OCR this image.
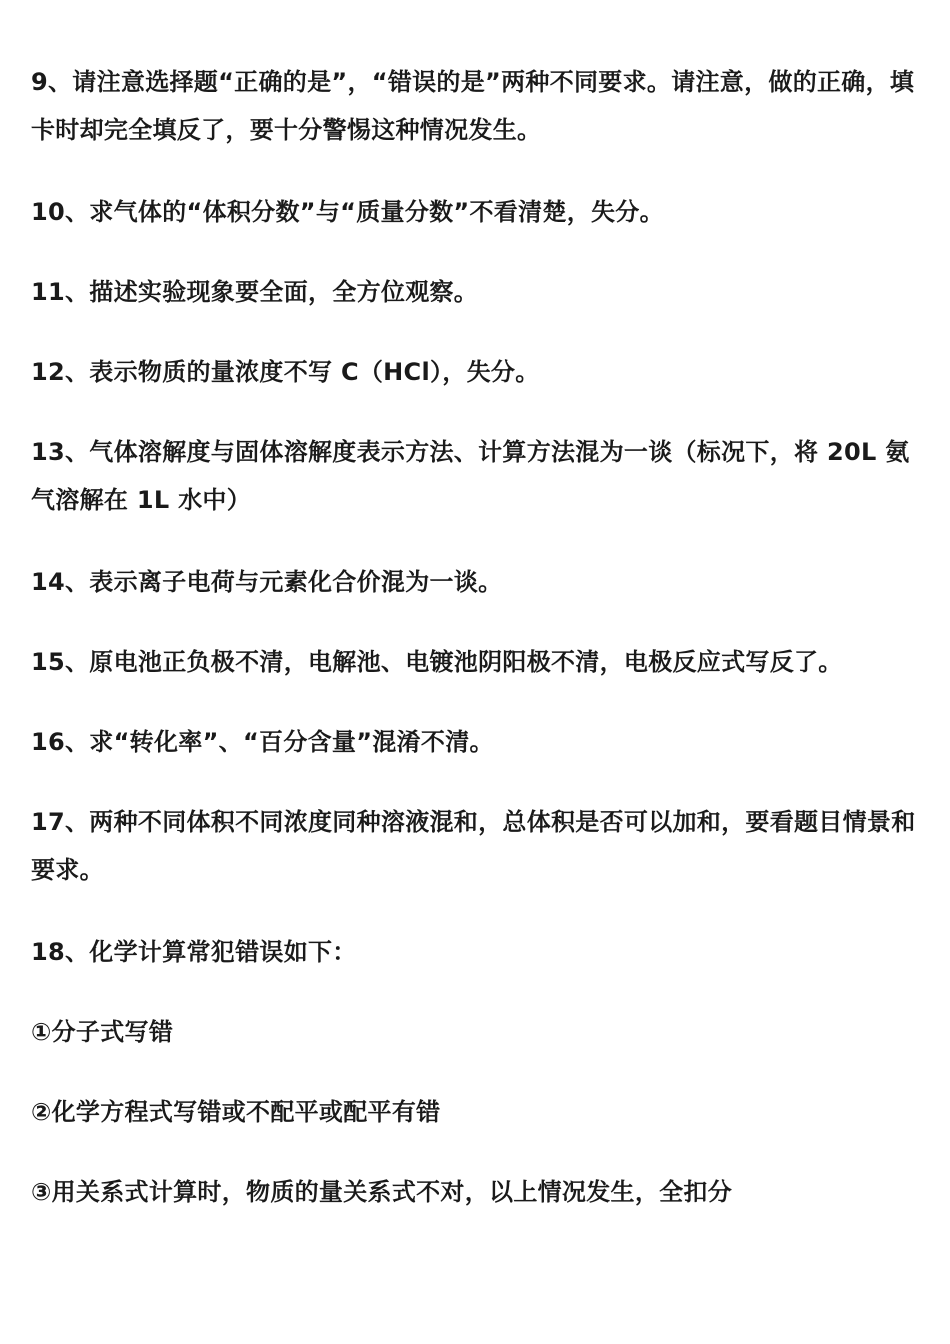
9、请注意选择题“正确的是”，“错误的是”两种不同要求。请注意，做的正确，填卡时却完全填反了，要十分警惕这种情况发生。

10、求气体的“体积分数”与“质量分数”不看清楚，失分。

11、描述实验现象要全面，全方位观察。

12、表示物质的量浓度不写 C（HCl），失分。

13、气体溶解度与固体溶解度表示方法、计算方法混为一谈（标况下，将 20L 氨气溶解在 1L 水中）

14、表示离子电荷与元素化合价混为一谈。

15、原电池正负极不清，电解池、电镀池阴阳极不清，电极反应式写反了。

16、求“转化率”、“百分含量”混淆不清。

17、两种不同体积不同浓度同种溶液混和，总体积是否可以加和，要看题目情景和要求。

18、化学计算常犯错误如下：

①分子式写错

②化学方程式写错或不配平或配平有错

③用关系式计算时，物质的量关系式不对，以上情况发生，全扣分
